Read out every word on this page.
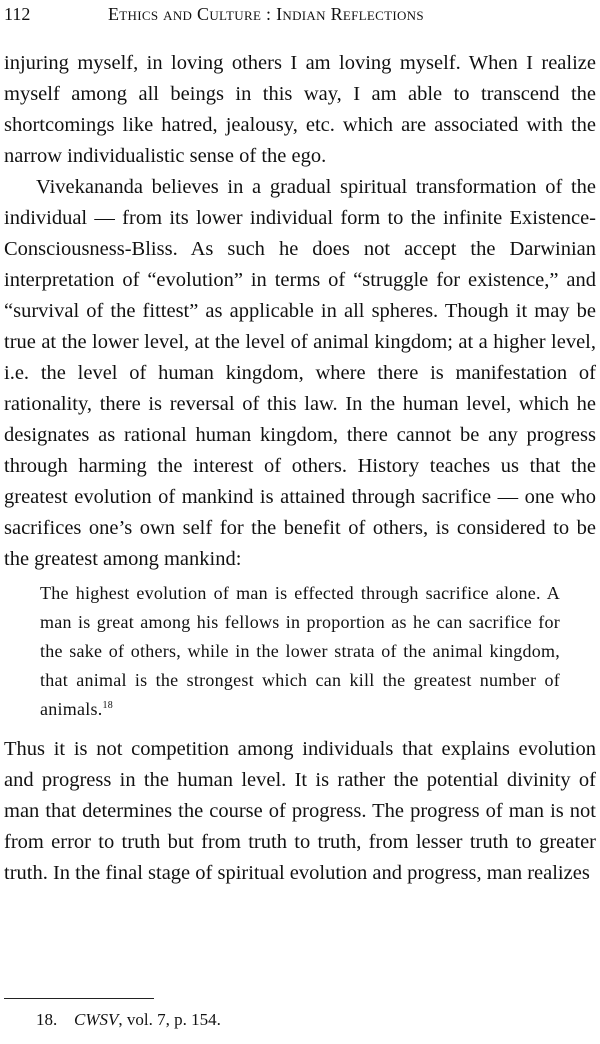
112	Ethics and Culture : Indian Reflections

injuring myself, in loving others I am loving myself. When I realize myself among all beings in this way, I am able to transcend the shortcomings like hatred, jealousy, etc. which are associated with the narrow individualistic sense of the ego.

Vivekananda believes in a gradual spiritual transformation of the individual — from its lower individual form to the infinite Existence-Consciousness-Bliss. As such he does not accept the Darwinian interpretation of “evolution” in terms of “struggle for existence,” and “survival of the fittest” as applicable in all spheres. Though it may be true at the lower level, at the level of animal kingdom; at a higher level, i.e. the level of human kingdom, where there is manifestation of rationality, there is reversal of this law. In the human level, which he designates as rational human kingdom, there cannot be any progress through harming the interest of others. History teaches us that the greatest evolution of mankind is attained through sacrifice — one who sacrifices one’s own self for the benefit of others, is considered to be the greatest among mankind:

The highest evolution of man is effected through sacrifice alone. A man is great among his fellows in proportion as he can sacrifice for the sake of others, while in the lower strata of the animal kingdom, that animal is the strongest which can kill the greatest number of animals.$^{18}$

Thus it is not competition among individuals that explains evolution and progress in the human level. It is rather the potential divinity of man that determines the course of progress. The progress of man is not from error to truth but from truth to truth, from lesser truth to greater truth. In the final stage of spiritual evolution and progress, man realizes

18. CWSV, vol. 7, p. 154.
